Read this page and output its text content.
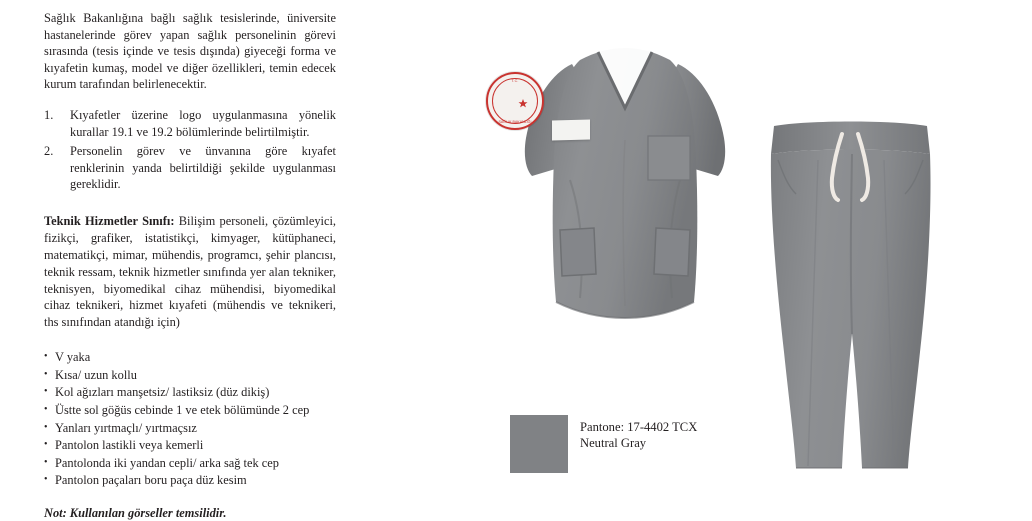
Sağlık Bakanlığına bağlı sağlık tesislerinde, üniversite hastanelerinde görev yapan sağlık personelinin görevi sırasında (tesis içinde ve tesis dışında) giyeceği forma ve kıyafetin kumaş, model ve diğer özellikleri, temin edecek kurum tarafından belirlenecektir.

1.	Kıyafetler üzerine logo uygulanmasına yönelik kurallar 19.1 ve 19.2 bölümlerinde belirtilmiştir.
2.	Personelin görev ve ünvanına göre kıyafet renklerinin yanda belirtildiği şekilde uygulanması gereklidir.

Teknik Hizmetler Sınıfı: Bilişim personeli, çözümleyici, fizikçi, grafiker, istatistikçi, kimyager, kütüphaneci, matematikçi, mimar, mühendis, programcı, şehir plancısı, teknik ressam, teknik hizmetler sınıfında yer alan tekniker, teknisyen, biyomedikal cihaz mühendisi, biyomedikal cihaz teknikeri, hizmet kıyafeti (mühendis ve teknikeri, ths sınıfından atandığı için)

• V yaka
• Kısa/ uzun kollu
• Kol ağızları manşetsiz/ lastiksiz (düz dikiş)
• Üstte sol göğüs cebinde 1 ve etek bölümünde 2 cep
• Yanları yırtmaçlı/ yırtmaçsız
• Pantolon lastikli veya kemerli
• Pantolonda iki yandan cepli/ arka sağ tek cep
• Pantolon paçaları boru paça düz kesim

Not: Kullanılan görseller temsilidir.

T.C.
SAĞLIK BAKANLIĞI
Pantone: 17-4402 TCX
Neutral Gray
